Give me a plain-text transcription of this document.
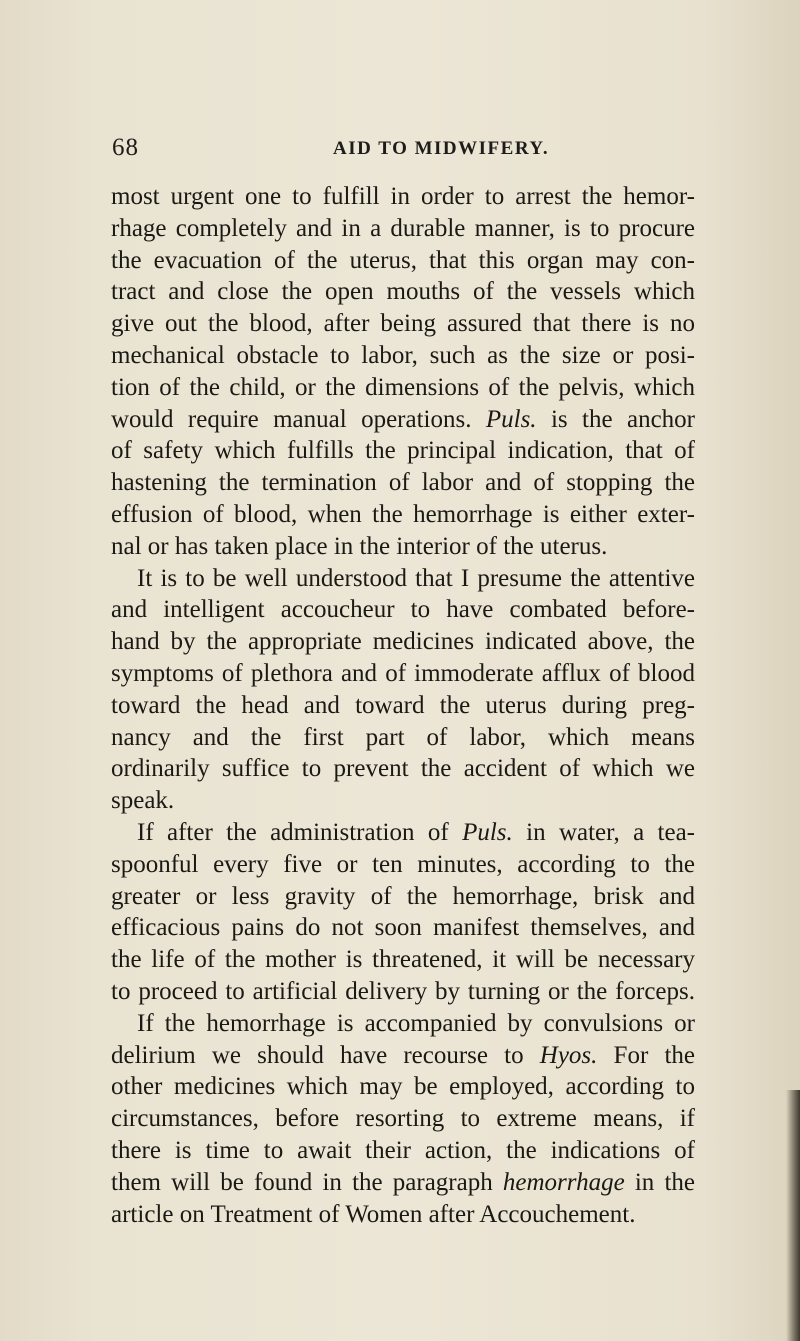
68	AID TO MIDWIFERY.
most urgent one to fulfill in order to arrest the hemor-
rhage completely and in a durable manner, is to procure
the evacuation of the uterus, that this organ may con-
tract and close the open mouths of the vessels which
give out the blood, after being assured that there is no
mechanical obstacle to labor, such as the size or posi-
tion of the child, or the dimensions of the pelvis, which
would require manual operations. Puls. is the anchor
of safety which fulfills the principal indication, that of
hastening the termination of labor and of stopping the
effusion of blood, when the hemorrhage is either exter-
nal or has taken place in the interior of the uterus.
It is to be well understood that I presume the attentive
and intelligent accoucheur to have combated before-
hand by the appropriate medicines indicated above, the
symptoms of plethora and of immoderate afflux of blood
toward the head and toward the uterus during preg-
nancy and the first part of labor, which means
ordinarily suffice to prevent the accident of which we
speak.
If after the administration of Puls. in water, a tea-
spoonful every five or ten minutes, according to the
greater or less gravity of the hemorrhage, brisk and
efficacious pains do not soon manifest themselves, and
the life of the mother is threatened, it will be necessary
to proceed to artificial delivery by turning or the forceps.
If the hemorrhage is accompanied by convulsions or
delirium we should have recourse to Hyos. For the
other medicines which may be employed, according to
circumstances, before resorting to extreme means, if
there is time to await their action, the indications of
them will be found in the paragraph hemorrhage in the
article on Treatment of Women after Accouchement.
